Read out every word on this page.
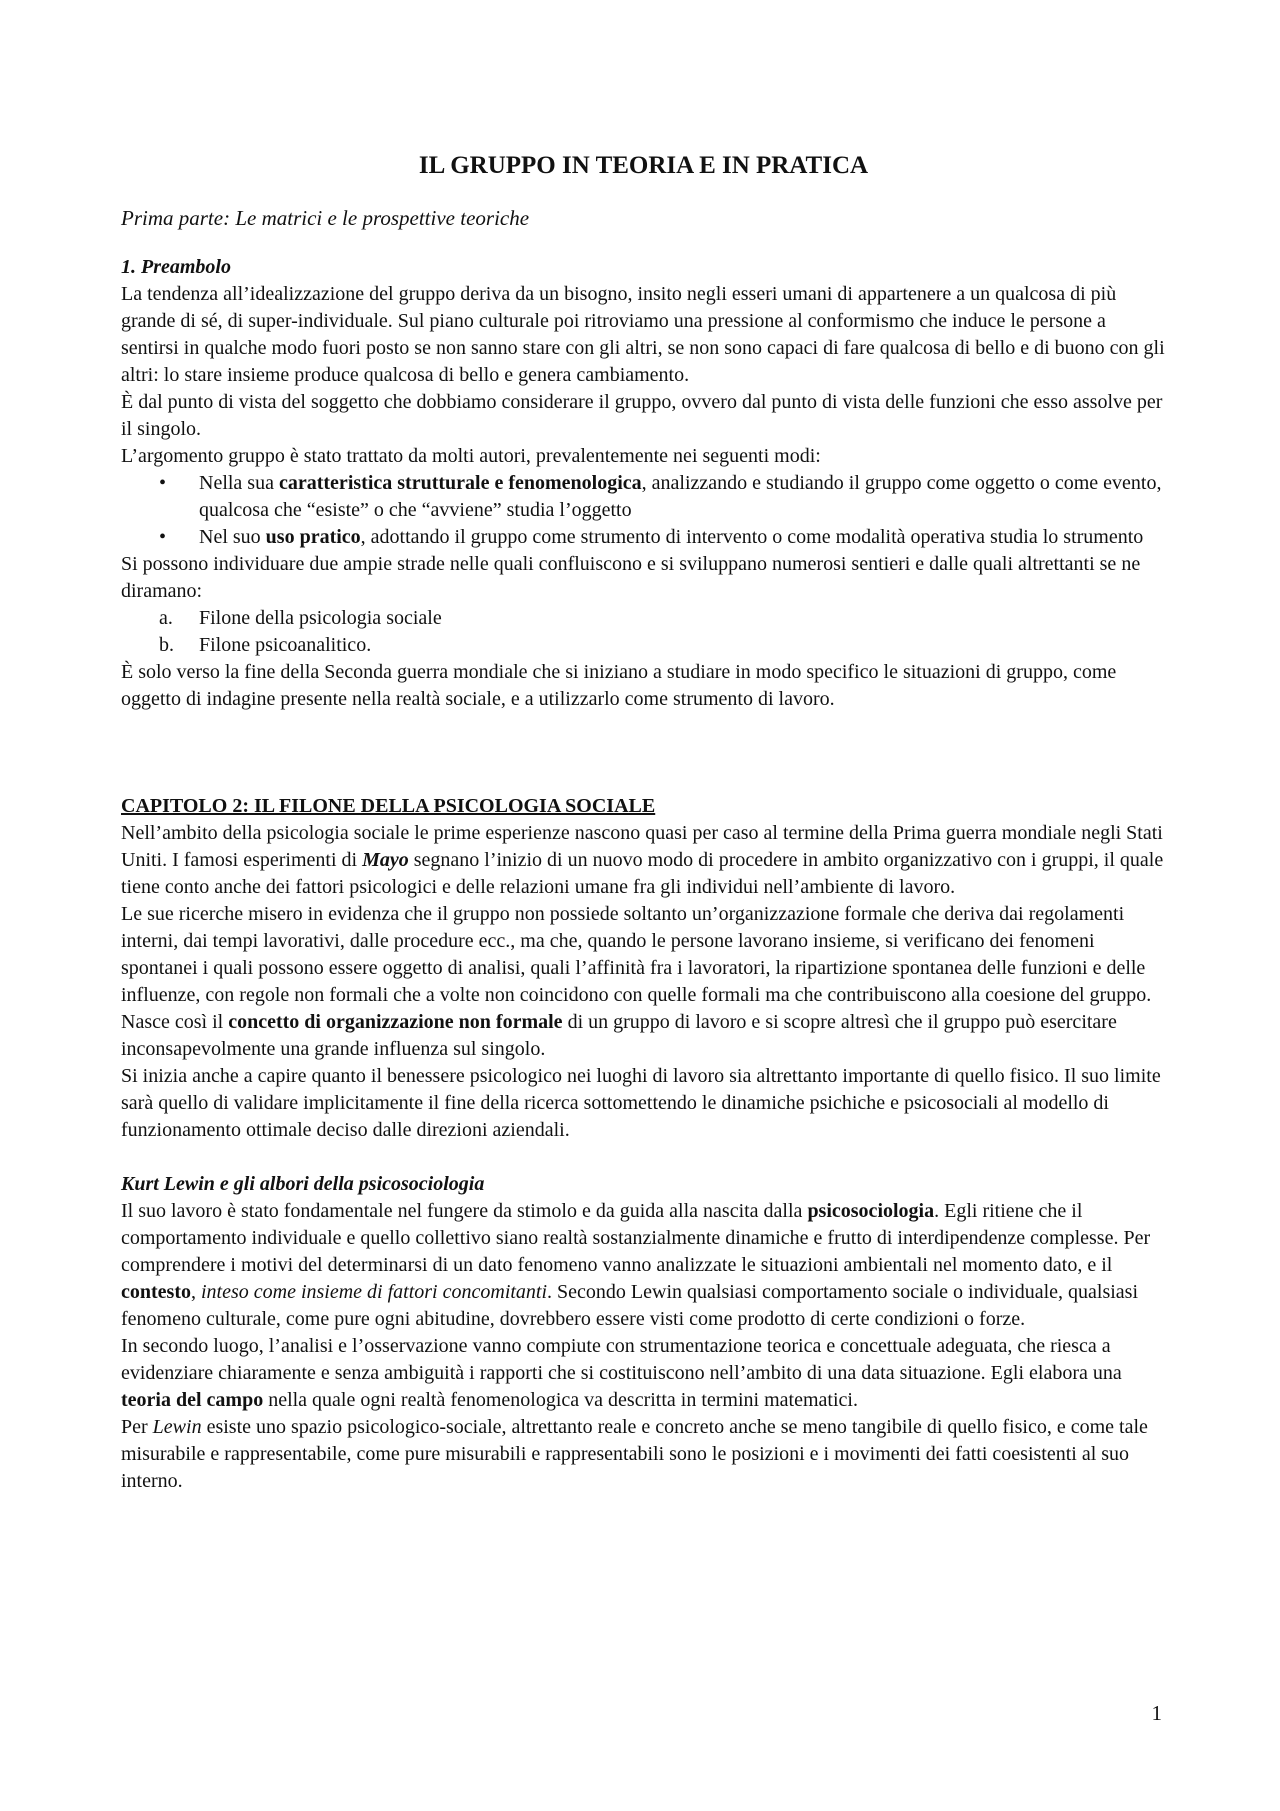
IL GRUPPO IN TEORIA E IN PRATICA

Prima parte: Le matrici e le prospettive teoriche

1. Preambolo

La tendenza all’idealizzazione del gruppo deriva da un bisogno, insito negli esseri umani di appartenere a un qualcosa di più grande di sé, di super-individuale. Sul piano culturale poi ritroviamo una pressione al conformismo che induce le persone a sentirsi in qualche modo fuori posto se non sanno stare con gli altri, se non sono capaci di fare qualcosa di bello e di buono con gli altri: lo stare insieme produce qualcosa di bello e genera cambiamento.

È dal punto di vista del soggetto che dobbiamo considerare il gruppo, ovvero dal punto di vista delle funzioni che esso assolve per il singolo.

L’argomento gruppo è stato trattato da molti autori, prevalentemente nei seguenti modi:

• Nella sua caratteristica strutturale e fenomenologica, analizzando e studiando il gruppo come oggetto o come evento, qualcosa che “esiste” o che “avviene” studia l’oggetto
• Nel suo uso pratico, adottando il gruppo come strumento di intervento o come modalità operativa studia lo strumento

Si possono individuare due ampie strade nelle quali confluiscono e si sviluppano numerosi sentieri e dalle quali altrettanti se ne diramano:

a. Filone della psicologia sociale
b. Filone psicoanalitico.

È solo verso la fine della Seconda guerra mondiale che si iniziano a studiare in modo specifico le situazioni di gruppo, come oggetto di indagine presente nella realtà sociale, e a utilizzarlo come strumento di lavoro.

CAPITOLO 2: IL FILONE DELLA PSICOLOGIA SOCIALE

Nell’ambito della psicologia sociale le prime esperienze nascono quasi per caso al termine della Prima guerra mondiale negli Stati Uniti. I famosi esperimenti di Mayo segnano l’inizio di un nuovo modo di procedere in ambito organizzativo con i gruppi, il quale tiene conto anche dei fattori psicologici e delle relazioni umane fra gli individui nell’ambiente di lavoro.

Le sue ricerche misero in evidenza che il gruppo non possiede soltanto un’organizzazione formale che deriva dai regolamenti interni, dai tempi lavorativi, dalle procedure ecc., ma che, quando le persone lavorano insieme, si verificano dei fenomeni spontanei i quali possono essere oggetto di analisi, quali l’affinità fra i lavoratori, la ripartizione spontanea delle funzioni e delle influenze, con regole non formali che a volte non coincidono con quelle formali ma che contribuiscono alla coesione del gruppo. Nasce così il concetto di organizzazione non formale di un gruppo di lavoro e si scopre altresì che il gruppo può esercitare inconsapevolmente una grande influenza sul singolo.

Si inizia anche a capire quanto il benessere psicologico nei luoghi di lavoro sia altrettanto importante di quello fisico. Il suo limite sarà quello di validare implicitamente il fine della ricerca sottomettendo le dinamiche psichiche e psicosociali al modello di funzionamento ottimale deciso dalle direzioni aziendali.

Kurt Lewin e gli albori della psicosociologia

Il suo lavoro è stato fondamentale nel fungere da stimolo e da guida alla nascita dalla psicosociologia. Egli ritiene che il comportamento individuale e quello collettivo siano realtà sostanzialmente dinamiche e frutto di interdipendenze complesse. Per comprendere i motivi del determinarsi di un dato fenomeno vanno analizzate le situazioni ambientali nel momento dato, e il contesto, inteso come insieme di fattori concomitanti. Secondo Lewin qualsiasi comportamento sociale o individuale, qualsiasi fenomeno culturale, come pure ogni abitudine, dovrebbero essere visti come prodotto di certe condizioni o forze.

In secondo luogo, l’analisi e l’osservazione vanno compiute con strumentazione teorica e concettuale adeguata, che riesca a evidenziare chiaramente e senza ambiguità i rapporti che si costituiscono nell’ambito di una data situazione. Egli elabora una teoria del campo nella quale ogni realtà fenomenologica va descritta in termini matematici.

Per Lewin esiste uno spazio psicologico-sociale, altrettanto reale e concreto anche se meno tangibile di quello fisico, e come tale misurabile e rappresentabile, come pure misurabili e rappresentabili sono le posizioni e i movimenti dei fatti coesistenti al suo interno.

1
